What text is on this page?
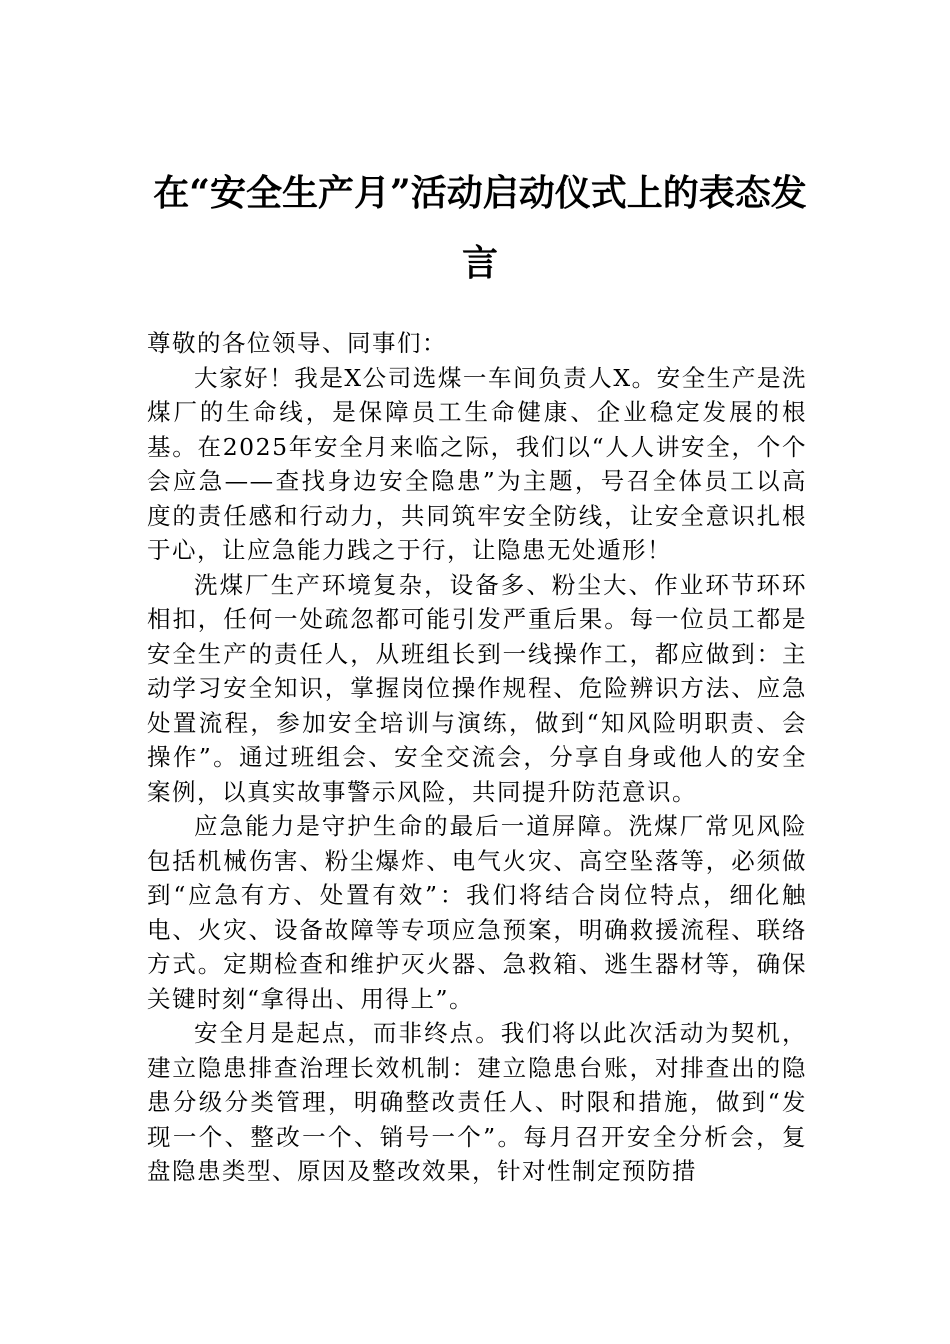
在“安全生产月”活动启动仪式上的表态发言

尊敬的各位领导、同事们：

大家好！我是X公司选煤一车间负责人X。安全生产是洗煤厂的生命线，是保障员工生命健康、企业稳定发展的根基。在2025年安全月来临之际，我们以“人人讲安全，个个会应急——查找身边安全隐患”为主题，号召全体员工以高度的责任感和行动力，共同筑牢安全防线，让安全意识扎根于心，让应急能力践之于行，让隐患无处遁形！

洗煤厂生产环境复杂，设备多、粉尘大、作业环节环环相扣，任何一处疏忽都可能引发严重后果。每一位员工都是安全生产的责任人，从班组长到一线操作工，都应做到：主动学习安全知识，掌握岗位操作规程、危险辨识方法、应急处置流程，参加安全培训与演练，做到“知风险明职责、会操作”。通过班组会、安全交流会，分享自身或他人的安全案例，以真实故事警示风险，共同提升防范意识。

应急能力是守护生命的最后一道屏障。洗煤厂常见风险包括机械伤害、粉尘爆炸、电气火灾、高空坠落等，必须做到“应急有方、处置有效”：我们将结合岗位特点，细化触电、火灾、设备故障等专项应急预案，明确救援流程、联络方式。定期检查和维护灭火器、急救箱、逃生器材等，确保关键时刻“拿得出、用得上”。

安全月是起点，而非终点。我们将以此次活动为契机，建立隐患排查治理长效机制：建立隐患台账，对排查出的隐患分级分类管理，明确整改责任人、时限和措施，做到“发现一个、整改一个、销号一个”。每月召开安全分析会，复盘隐患类型、原因及整改效果，针对性制定预防措
